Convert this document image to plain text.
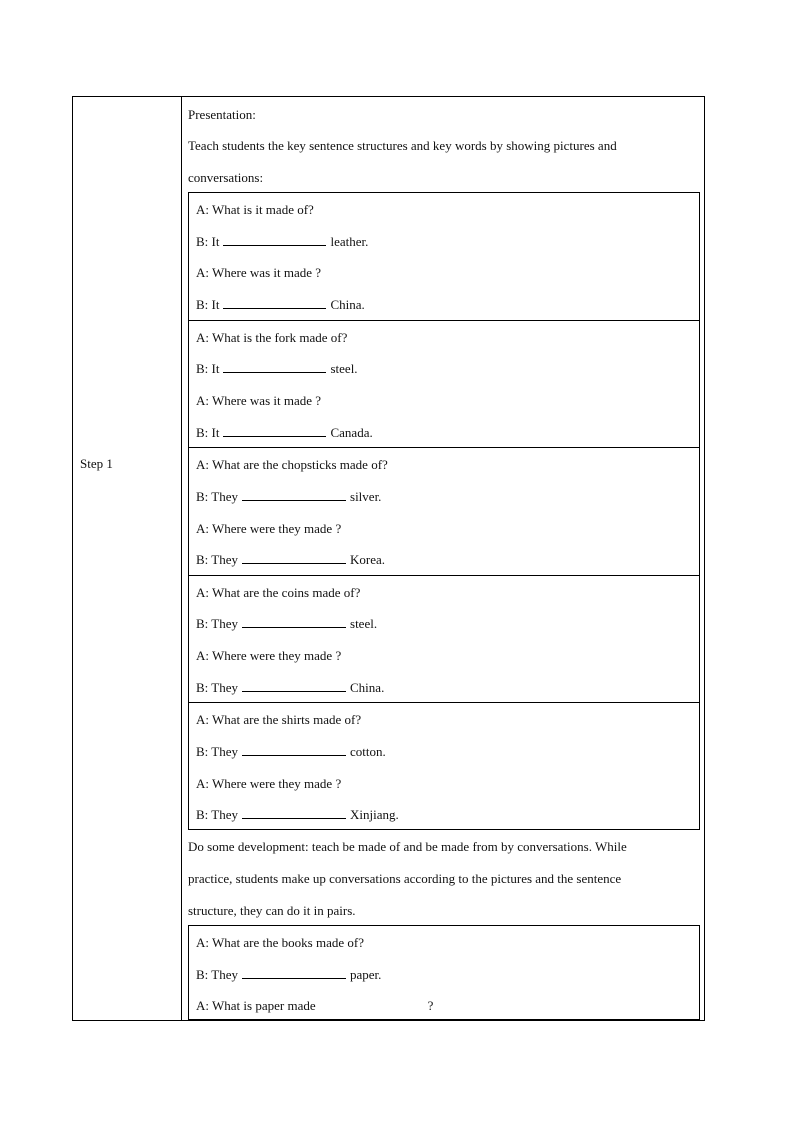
Step 1
Presentation:
Teach students the key sentence structures and key words by showing pictures and
conversations:
A: What is it made of?
B: It	leather.
A: Where was it made ?
B: It	China.
A: What is the fork made of?
B: It	steel.
A: Where was it made ?
B: It	Canada.
A: What are the chopsticks made of?
B: They	silver.
A: Where were they made ?
B: They	Korea.
A: What are the coins made of?
B: They	steel.
A: Where were they made ?
B: They	China.
A: What are the shirts made of?
B: They	cotton.
A: Where were they made ?
B: They	Xinjiang.
Do some development: teach be made of and be made from by conversations. While
practice, students make up conversations according to the pictures and the sentence
structure, they can do it in pairs.
A: What are the books made of?
B: They	paper.
A: What is paper made	?
